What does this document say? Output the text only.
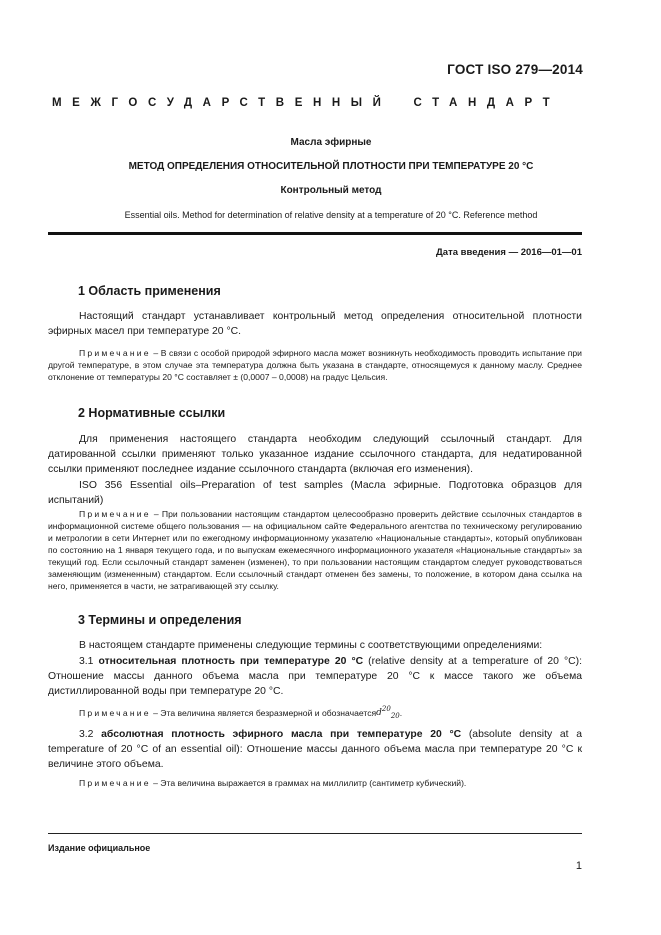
ГОСТ ISO 279—2014
МЕЖГОСУДАРСТВЕННЫЙ СТАНДАРТ
Масла эфирные
МЕТОД ОПРЕДЕЛЕНИЯ ОТНОСИТЕЛЬНОЙ ПЛОТНОСТИ ПРИ ТЕМПЕРАТУРЕ 20 °С
Контрольный метод
Essential oils. Method for determination of relative density at a temperature of 20 °C. Reference method
Дата введения — 2016—01—01
1 Область применения
Настоящий стандарт устанавливает контрольный метод определения относительной плотности эфирных масел при температуре 20 °С.
Примечание – В связи с особой природой эфирного масла может возникнуть необходимость проводить испытание при другой температуре, в этом случае эта температура должна быть указана в стандарте, относящемуся к данному маслу. Среднее отклонение от температуры 20 °С составляет ± (0,0007 – 0,0008) на градус Цельсия.
2 Нормативные ссылки
Для применения настоящего стандарта необходим следующий ссылочный стандарт. Для датированной ссылки применяют только указанное издание ссылочного стандарта, для недатированной ссылки применяют последнее издание ссылочного стандарта (включая его изменения).
ISO 356 Essential oils–Preparation of test samples (Масла эфирные. Подготовка образцов для испытаний)
Примечание – При пользовании настоящим стандартом целесообразно проверить действие ссылочных стандартов в информационной системе общего пользования — на официальном сайте Федерального агентства по техническому регулированию и метрологии в сети Интернет или по ежегодному информационному указателю «Национальные стандарты», который опубликован по состоянию на 1 января текущего года, и по выпускам ежемесячного информационного указателя «Национальные стандарты» за текущий год. Если ссылочный стандарт заменен (изменен), то при пользовании настоящим стандартом следует руководствоваться заменяющим (измененным) стандартом. Если ссылочный стандарт отменен без замены, то положение, в котором дана ссылка на него, применяется в части, не затрагивающей эту ссылку.
3 Термины и определения
В настоящем стандарте применены следующие термины с соответствующими определениями:
3.1 относительная плотность при температуре 20 °С (relative density at a temperature of 20 °C): Отношение массы данного объема масла при температуре 20 °С к массе такого же объема дистиллированной воды при температуре 20 °С.
Примечание – Эта величина является безразмерной и обозначаетсяd$^{20}_{20}$.
3.2 абсолютная плотность эфирного масла при температуре 20 °С (absolute density at a temperature of 20 °C of an essential oil): Отношение массы данного объема масла при температуре 20 °С к величине этого объема.
Примечание – Эта величина выражается в граммах на миллилитр (сантиметр кубический).
Издание официальное
1
